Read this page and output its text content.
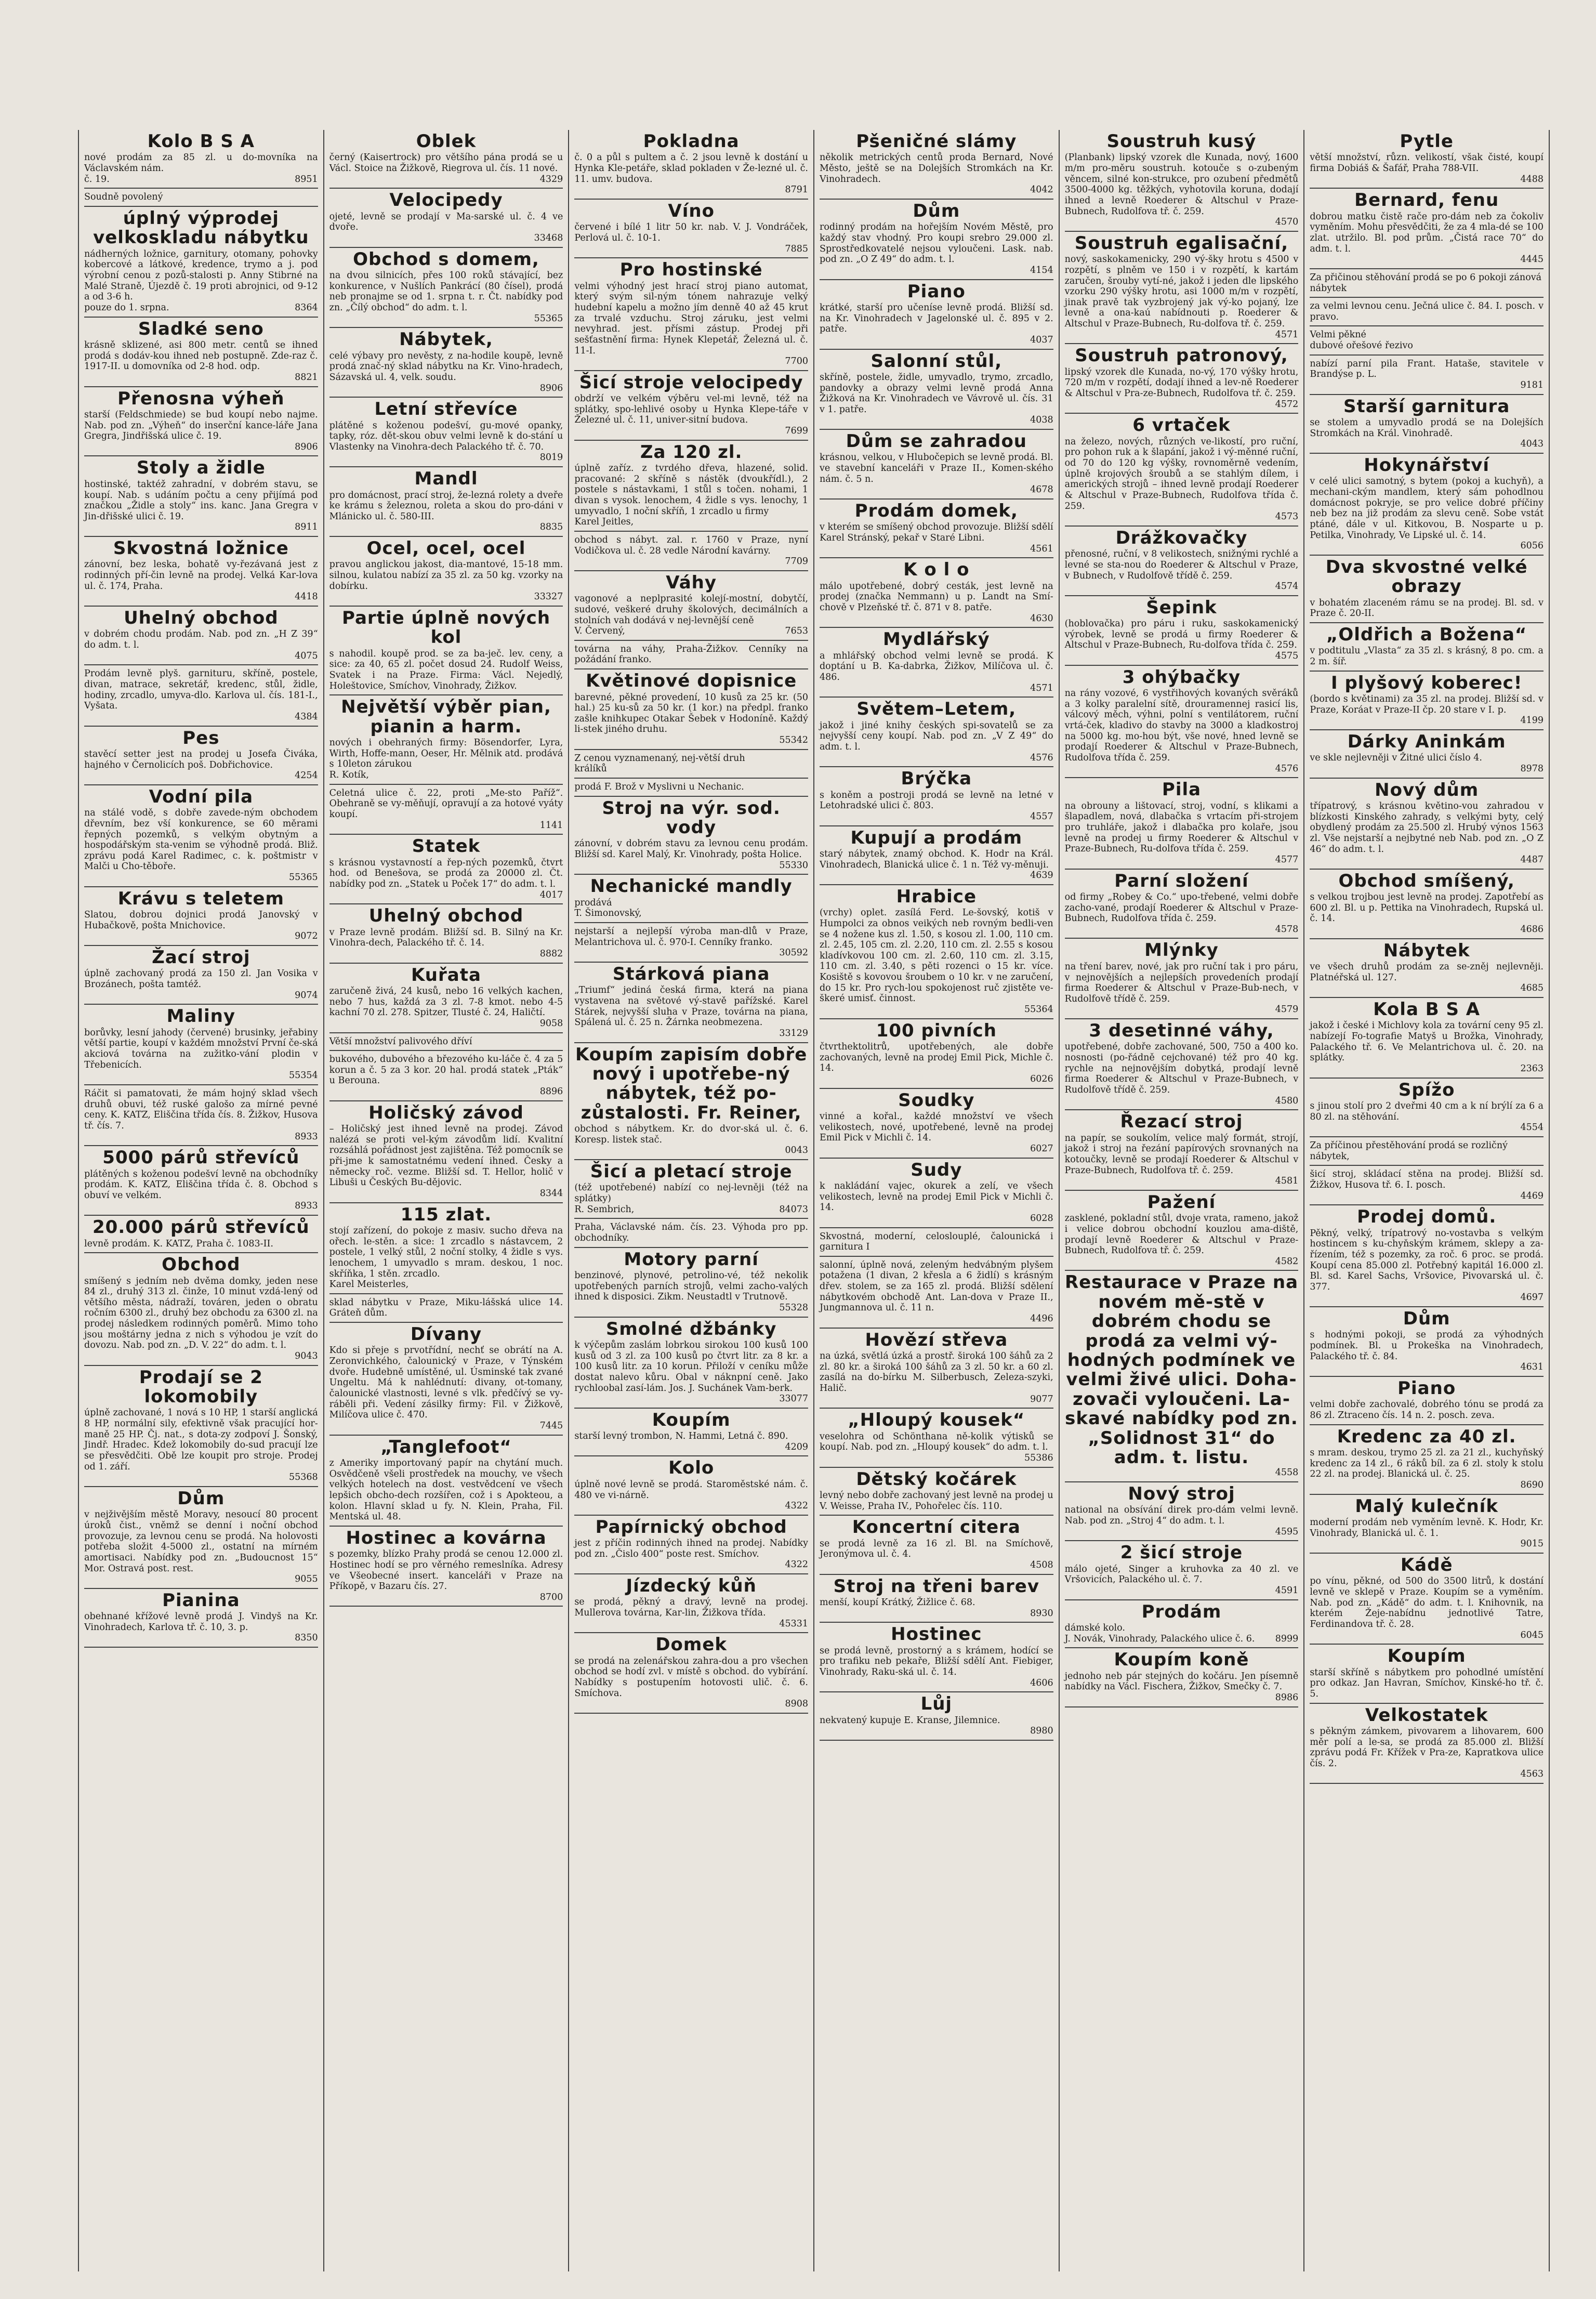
Kolo B S A
nové prodám za 85 zl. u do-movníka na Václavském nám.
č. 19.	8951
Soudně povolený
úplný výprodej velkoskladu nábytku
nádherných ložnice, garnitury, otomany, pohovky kobercové a látkové, kredence, trymo a j. pod výrobní cenou z pozů-stalosti p. Anny Stibrné na Malé Straně, Újezdě č. 19 proti abrojnici, od 9-12 a od 3-6 h.
pouze do 1. srpna.	8364
Sladké seno
krásně sklizené, asi 800 metr. centů se ihned prodá s dodáv-kou ihned neb postupně. Zde-raz č. 1917-II. u domovníka od 2-8 hod. odp.
8821
Přenosna výheň
starší (Feldschmiede) se bud koupí nebo najme. Nab. pod zn. „Výheň“ do inserční kance-láře Jana Gregra, Jindřišská ulice č. 19.
8906
Stoly a židle
hostinské, taktéž zahradní, v dobrém stavu, se koupí. Nab. s udáním počtu a ceny přijímá pod značkou „Židle a stoly“ ins. kanc. Jana Gregra v Jin-dřišské ulici č. 19.
8911
Skvostná ložnice
zánovní, bez leska, bohatě vy-řezávaná jest z rodinných pří-čin levně na prodej. Velká Kar-lova ul. č. 174, Praha.
4418
Uhelný obchod
v dobrém chodu prodám. Nab. pod zn. „H Z 39“ do adm. t. l.
4075
Prodám levně plyš. garnituru, skříně, postele, divan, matrace, sekretář, kredenc, stůl, židle, hodiny, zrcadlo, umyva-dlo. Karlova ul. čís. 181-I., Vyšata.
4384
Pes
stavěcí setter jest na prodej u Josefa Čiváka, hajného v Černolicích poš. Dobřichovice.
4254
Vodní pila
na stálé vodě, s dobře zavede-ným obchodem dřevním, bez vší konkurence, se 60 měrami řepných pozemků, s velkým obytným a hospodářským sta-venim se výhodně prodá. Bliž. zprávu podá Karel Radimec, c. k. poštmistr v Malči u Cho-těboře.
55365
Krávu s teletem
Slatou, dobrou dojnici prodá Janovský v Hubačkově, pošta Mnichovice.
9072
Žací stroj
úplně zachovaný prodá za 150 zl. Jan Vosika v Brozánech, pošta tamtéž.
9074
Maliny
borůvky, lesní jahody (červené) brusinky, jeřabiny větší partie, koupí v každém množství První če-ská akciová továrna na zužitko-vání plodin v Třebenicích.
55354
Ráčit si pamatovati, že mám hojný sklad všech druhů obuvi, též ruské galošo za mírné pevné ceny. K. KATZ, Eliščina třída čís. 8. Žižkov, Husova tř. čís. 7.
8933
5000 párů střevíců
plátěných s koženou podešví levně na obchodníky prodám. K. KATZ, Eliščina třída č. 8. Obchod s obuví ve velkém.
8933
20.000 párů střevíců
levně prodám. K. KATZ, Praha č. 1083-II.
Obchod
smíšený s jedním neb dvěma domky, jeden nese 84 zl., druhý 313 zl. činže, 10 minut vzdá-lený od většího města, nádraží, továren, jeden o obratu ročním 6300 zl., druhý bez obchodu za 6300 zl. na prodej následkem rodinných poměrů. Mimo toho jsou moštárny jedna z nich s výhodou je vzít do dovozu. Nab. pod zn. „D. V. 22“ do adm. t. l.
9043
Prodají se 2 lokomobily
úplně zachované, 1 nová s 10 HP, 1 starší anglická 8 HP, normální sily, efektivně však pracující hor-maně 25 HP. Čj. nat., s dota-zy zodpoví J. Šonský, Jindř. Hradec. Kdež lokomobily do-sud pracují lze se přesvědčiti. Obě lze koupit pro stroje. Prodej od 1. září.
55368
Dům
v nejživějším městě Moravy, nesoucí 80 procent úroků čist., vněmž se denní i noční obchod provozuje, za levnou cenu se prodá. Na holovosti potřeba složit 4-5000 zl., ostatní na mírném amortisaci. Nabídky pod zn. „Budoucnost 15“ Mor. Ostravá post. rest.
9055
Pianina
obehnané křížové levně prodá J. Vindyš na Kr. Vinohradech, Karlova tř. č. 10, 3. p.
8350
Oblek
černý (Kaisertrock) pro většího pána prodá se u Václ. Stoice na Žižkově, Riegrova ul. čís. 11 nové.
4329
Velocipedy
ojeté, levně se prodají v Ma-sarské ul. č. 4 ve dvoře.
33468
Obchod s domem,
na dvou silnicích, přes 100 roků stávající, bez konkurence, v Nušlích Pankrácí (80 čísel), prodá neb pronajme se od 1. srpna t. r. Čt. nabídky pod zn. „Čílý obchod“ do adm. t. l.
55365
Nábytek,
celé výbavy pro nevěsty, z na-hodile koupě, levně prodá znač-ný sklad nábytku na Kr. Vino-hradech, Sázavská ul. 4, velk. soudu.
8906
Letní střevíce
plátěné s koženou podešví, gu-mové opanky, tapky, róz. dět-skou obuv velmi levně k do-stání u Vlastenky na Vinohra-dech Palackého tř. č. 70.
8019
Mandl
pro domácnost, prací stroj, že-lezná rolety a dveře ke krámu s železnou, roleta a skou do pro-dáni v Mlánicko ul. č. 580-III.
8835
Ocel, ocel, ocel
pravou anglickou jakost, dia-mantové, 15-18 mm. silnou, kulatou nabízí za 35 zl. za 50 kg. vzorky na dobírku.
33327
Partie úplně nových kol
s nahodil. koupě prod. se za ba-ječ. lev. ceny, a sice: za 40, 65 zl. počet dosud 24. Rudolf Weiss, Svatek i na Praze. Firma: Václ. Nejedlý, Holeštovice, Smíchov, Vinohrady, Žižkov.
Největší výběr pian, pianin a harm.
nových i obehraných firmy: Bösendorfer, Lyra, Wirth, Hoffe-mann, Oeser, Hr. Mělnik atd. prodává s 10leton zárukou
R. Kotík,
Celetná ulice č. 22, proti „Me-sto Paříž“. Obehraně se vy-měňují, opravují a za hotové vyáty koupí.
1141
Statek
s krásnou vystavností a řep-ných pozemků, čtvrt hod. od Benešova, se prodá za 20000 zl. Čt. nabídky pod zn. „Statek u Poček 17“ do adm. t. l.
4017
Uhelný obchod
v Praze levně prodám. Bližší sd. B. Silný na Kr. Vinohra-dech, Palackého tř. č. 14.
8882
Kuřata
zaručeně živá, 24 kusů, nebo 16 velkých kachen, nebo 7 hus, každá za 3 zl. 7-8 kmot. nebo 4-5 kachní 70 zl. 278. Spitzer, Tlusté č. 24, Haličtí.
9058
Větší množství palivového dříví
bukového, dubového a březového ku-láče č. 4 za 5 korun a č. 5 za 3 kor. 20 hal. prodá statek „Pták“ u Berouna.
8896
Holičský závod
– Holičský jest ihned levně na prodej. Závod nalézá se proti vel-kým závodům lidí. Kvalitní rozsáhlá pořádnost jest zajištěna. Též pomocník se při-jme k samostatnému vedení ihned. Česky a německy roč. vezme. Bližší sd. T. Hellor, holič v Libuši u Českých Bu-dějovic.
8344
115 zlat.
stojí zařízení, do pokoje z masiv. sucho dřeva na ořech. le-stěn. a sice: 1 zrcadlo s nástavcem, 2 postele, 1 velký stůl, 2 noční stolky, 4 židle s vys. lenochem, 1 umyvadlo s mram. deskou, 1 noc. skříňka, 1 stěn. zrcadlo.
Karel Meisterles,
sklad nábytku v Praze, Miku-lášská ulice 14. Gráteň dům.
Dívany
Kdo si přeje s prvotřídní, nechť se obrátí na A. Zeronvichkého, čalounický v Praze, v Týnském dvoře. Hudebně umístěné, ul. Úsminské tak zvané Ungeltu. Má k nahlédnutí: divany, ot-tomany, čalounické vlastnosti, levné s vlk. předčívý se vy-ráběli při. Vedení zásilky firmy: Fil. v Žižkově, Milíčova ulice č. 470.
7445
„Tanglefoot“
z Ameriky importovaný papír na chytání much. Osvědčeně všeli prostředek na mouchy, ve všech velkých hotelech na dost. vestvědcení ve všech lepšich obcho-dech rozšířen, což i s Apokteou, a kolon. Hlavní sklad u fy. N. Klein, Praha, Fil. Mentská ul. 48.
Hostinec a kovárna
s pozemky, blízko Prahy prodá se cenou 12.000 zl. Hostinec hodí se pro věrného remeslníka. Adresy ve Všeobecné insert. kanceláři v Praze na Příkopě, v Bazaru čís. 27.
8700
Pokladna
č. 0 a půl s pultem a č. 2 jsou levně k dostání u Hynka Kle-petáře, sklad pokladen v Že-lezné ul. č. 11. umv. budova.
8791
Víno
červené i bílé 1 litr 50 kr. nab. V. J. Vondráček, Perlová ul. č. 10-1.
7885
Pro hostinské
velmi výhodný jest hrací stroj piano automat, který svým sil-ným tónem nahrazuje velký hudební kapelu a možno jím denně 40 až 45 krut za trvalé vzduchu. Stroj záruku, jest velmi nevyhrad. jest. přísmi zástup. Prodej při sešťastnění firma: Hynek Klepetář, Železná ul. č. 11-I.
7700
Šicí stroje velocipedy
obdrží ve velkém výběru vel-mi levně, též na splátky, spo-lehlivé osoby u Hynka Klepe-táře v Železné ul. č. 11, univer-sitní budova.
7699
Za 120 zl.
úplně zaříz. z tvrdého dřeva, hlazené, solid. pracované: 2 skříně s nástěk (dvoukřídl.), 2 postele s nástavkami, 1 stůl s točen. nohami, 1 divan s vysok. lenochem, 4 židle s vys. lenochy, 1 umyvadlo, 1 noční skříň, 1 zrcadlo u firmy
Karel Jeitles,
obchod s nábyt. zal. r. 1760 v Praze, nyní Vodičkova ul. č. 28 vedle Národní kavárny.
7709
Váhy
vagonové a neplprasité kolejí-mostní, dobytčí, sudové, veškeré druhy školových, decimálních a stolních vah dodává v nej-levnější ceně
V. Červený,	7653
továrna na váhy, Praha-Žižkov. Cenníky na požádání franko.
Květinové dopisnice
barevné, pěkné provedení, 10 kusů za 25 kr. (50 hal.) 25 ku-sů za 50 kr. (1 kor.) na předpl. franko zašle knihkupec Otakar Šebek v Hodoníně. Každý li-stek jiného druhu.
55342
Z cenou vyznamenaný, nej-větší druh
králíků
prodá F. Brož v Myslivni u Nechanic.
Stroj na výr. sod. vody
zánovní, v dobrém stavu za levnou cenu prodám. Bližší sd. Karel Malý, Kr. Vinohrady, pošta Holice.
55330
Nechanické mandly
prodává
T. Šimonovský,
nejstarší a nejlepší výroba man-dlů v Praze, Melantrichova ul. č. 970-I. Cenníky franko.
30592
Stárková piana
„Triumf“ jediná česká firma, která na piana vystavena na světové vý-stavě pařížské. Karel Stárek, nejvyšší sluha v Praze, továrna na piana, Spálená ul. č. 25 n. Žárnka neobmezena.
33129
Koupím zapisím dobře nový i upotřebe-ný nábytek, též po-zůstalosti. Fr. Reiner,
obchod s nábytkem. Kr. do dvor-ská ul. č. 6. Koresp. listek stač.
0043
Šicí a pletací stroje
(též upotřebené) nabízí co nej-levněji (též na splátky)
R. Sembrich,	84073
Praha, Václavské nám. čís. 23. Výhoda pro pp. obchodníky.
Motory parní
benzinové, plynové, petrolino-vé, též nekolik upotřebených parních strojů, velmi zacho-valých ihned k disposici. Zikm. Neustadtl v Trutnově.
55328
Smolné džbánky
k výčepům zaslám lobrkou sirokou 100 kusů 100 kusů od 3 zl. za 100 kusů po čtvrt litr. za 8 kr. a 100 kusů litr. za 10 korun. Přiloží v ceníku může dostat nalevo kůru. Obal v náknpní ceně. Jako rychloobal zasí-lám. Jos. J. Suchánek Vam-berk.
33077
Koupím
starší levný trombon, N. Hammi, Letná č. 890.
4209
Kolo
úplně nové levně se prodá. Staroměstské nám. č. 480 ve vi-nárně.
4322
Papírnický obchod
jest z příčin rodinných ihned na prodej. Nabídky pod zn. „Čislo 400“ poste rest. Smíchov.
4322
Jízdecký kůň
se prodá, pěkný a dravý, levně na prodej. Mullerova továrna, Kar-lin, Žižkova třída.
45331
Domek
se prodá na zelenářskou zahra-dou a pro všechen obchod se hodí zvl. v místě s obchod. do vybírání. Nabídky s postupením hotovosti ulič. č. 6. Smíchova.
8908
Pšeničné slámy
několik metrických centů proda Bernard, Nové Město, ještě se na Dolejších Stromkách na Kr. Vinohradech.
4042
Dům
rodinný prodám na hořejším Novém Městě, pro každý stav vhodný. Pro koupi srebro 29.000 zl. Sprostředkovatelé nejsou vyloučeni. Lask. nab. pod zn. „O Z 49“ do adm. t. l.
4154
Piano
krátké, starší pro učeníse levně prodá. Bližší sd. na Kr. Vinohradech v Jagelonské ul. č. 895 v 2. patře.
4037
Salonní stůl,
skříně, postele, židle, umyvadlo, trymo, zrcadlo, pandovky a obrazy velmi levně prodá Anna Žižková na Kr. Vinohradech ve Vávrově ul. čís. 31 v 1. patře.
4038
Dům se zahradou
krásnou, velkou, v Hlubočepich se levně prodá. Bl. ve stavební kanceláři v Praze II., Komen-ského nám. č. 5 n.
4678
Prodám domek,
v kterém se smíšený obchod provozuje. Bližší sdělí Karel Stránský, pekař v Staré Libni.
4561
K o l o
málo upotřebené, dobrý cesták, jest levně na prodej (značka Nemmann) u p. Landt na Smí-chově v Plzeňské tř. č. 871 v 8. patře.
4630
Mydlářský
a mhlářský obchod velmi levně se prodá. K doptání u B. Ka-dabrka, Žižkov, Milíčova ul. č. 486.
4571
Světem–Letem,
jakož i jiné knihy českých spi-sovatelů se za nejvyšší ceny koupí. Nab. pod zn. „V Z 49“ do adm. t. l.
4576
Brýčka
s koněm a postroji prodá se levně na letné v Letohradské ulici č. 803.
4557
Kupují a prodám
starý nábytek, znamý obchod. K. Hodr na Král. Vinohradech, Blanická ulice č. 1 n. Též vy-měnuji.
4639
Hrabice
(vrchy) oplet. zasílá Ferd. Le-šovský, kotiš v Humpolci za obnos veikých neb rovným bedli-ven se 4 nožene kus zl. 1.50, s kosou zl. 1.00, 110 cm. zl. 2.45, 105 cm. zl. 2.20, 110 cm. zl. 2.55 s kosou kladívkovou 100 cm. zl. 2.60, 110 cm. zl. 3.15, 110 cm. zl. 3.40, s pěti rozenci o 15 kr. více. Kosiště s kovovou šroubem o 10 kr. v ne zaručení, do 15 kr. Pro rych-lou spokojenost ruč zjistěte ve-škeré umisť. činnost.
55364
100 pivních
čtvrthektolitrů, upotřebených, ale dobře zachovaných, levně na prodej Emil Pick, Michle č. 14.
6026
Soudky
vinné a kořal., každé množství ve všech velikostech, nové, upotřebené, levně na prodej Emil Pick v Michli č. 14.
6027
Sudy
k nakládání vajec, okurek a zelí, ve všech velikostech, levně na prodej Emil Pick v Michli č. 14.
6028
Skvostná, moderní, celoslouplé, čalounická i garnitura I
salonní, úplně nová, zeleným hedvábným plyšem potažena (1 divan, 2 křesla a 6 židlí) s krásným dřev. stolem, se za 165 zl. prodá. Bližší sdělení nábytkovém obchodě Ant. Lan-dova v Praze II., Jungmannova ul. č. 11 n.
4496
Hovězí střeva
na úzká, světlá úzká a prostř. široká 100 šáhů za 2 zl. 80 kr. a široká 100 šáhů za 3 zl. 50 kr. a 60 zl. zasílá na do-bírku M. Silberbusch, Zeleza-szyki, Halič.
9077
„Hloupý kousek“
veselohra od Schönthana ně-kolik výtisků se koupí. Nab. pod zn. „Hloupý kousek“ do adm. t. l.
55386
Dětský kočárek
levný nebo dobře zachovaný jest levně na prodej u V. Weisse, Praha IV., Pohořelec čís. 110.
Koncertní citera
se prodá levně za 16 zl. Bl. na Smíchově, Jeronýmova ul. č. 4.
4508
Stroj na třeni barev
menší, koupí Krátký, Žižlice č. 68.
8930
Hostinec
se prodá levně, prostorný a s krámem, hodící se pro trafiku neb pekaře, Bližší sdělí Ant. Fiebiger, Vinohrady, Raku-ská ul. č. 14.
4606
Lůj
nekvatený kupuje E. Kranse, Jilemnice.
8980
Soustruh kusý
(Planbank) lipský vzorek dle Kunada, nový, 1600 m/m pro-měru soustruh. kotouče s o-zubeným věncem, silné kon-strukce, pro ozubení předmětů 3500-4000 kg. těžkých, vyhotovila koruna, dodají ihned a levně Roederer & Altschul v Praze-Bubnech, Rudolfova tř. č. 259.
4570
Soustruh egalisační,
nový, saskokamenicky, 290 vý-šky hrotu s 4500 v rozpětí, s plněm ve 150 i v rozpětí, k kartám zaručen, šrouby vytí-né, jakož i jeden dle lipského vzorku 290 výšky hrotu, asi 1000 m/m v rozpětí, jinak pravě tak vyzbrojený jak vý-ko pojaný, lze levně a ona-kaú nabídnouti p. Roederer & Altschul v Praze-Bubnech, Ru-dolfova tř. č. 259.
4571
Soustruh patronový,
lipský vzorek dle Kunada, no-vý, 170 výšky hrotu, 720 m/m v rozpětí, dodají ihned a lev-ně Roederer & Altschul v Pra-ze-Bubnech, Rudolfova tř. č. 259.
4572
6 vrtaček
na železo, nových, různých ve-likostí, pro ruční, pro pohon ruk a k šlapání, jakož i vý-měnné ruční, od 70 do 120 kg výšky, rovnoměrně vedením, úplně krojových šroubů a se stahlým dílem, i amerických strojů – ihned levně prodají Roederer & Altschul v Praze-Bubnech, Rudolfova třída č. 259.
4573
Drážkovačky
přenosné, ruční, v 8 velikostech, snižnými rychlé a levné se sta-nou do Roederer & Altschul v Praze, v Bubnech, v Rudolfově třídě č. 259.
4574
Šepink
(hoblovačka) pro páru i ruku, saskokamenický výrobek, levně se prodá u firmy Roederer & Altschul v Praze-Bubnech, Ru-dolfova třída č. 259.
4575
3 ohýbačky
na rány vozové, 6 vystřihových kovaných svěráků a 3 kolky paralelní sítě, drouramennej rasicí lis, válcový měch, výhni, polní s ventilátorem, ruční vrtá-ček, kladivo do stavby na 3000 a kladkostroj na 5000 kg. mo-hou být, vše nové, hned levně se prodají Roederer & Altschul v Praze-Bubnech, Rudolfova třída č. 259.
4576
Pila
na obrouny a lištovací, stroj, vodní, s klikami a šlapadlem, nová, dlabačka s vrtacím při-strojem pro truhláře, jakož i dlabačka pro kolaře, jsou levně na prodej u firmy Roederer & Altschul v Praze-Bubnech, Ru-dolfova třída č. 259.
4577
Parní složení
od firmy „Robey & Co.“ upo-třebené, velmi dobře zacho-vané, prodají Roederer & Altschul v Praze-Bubnech, Rudolfova třída č. 259.
4578
Mlýnky
na tření barev, nové, jak pro ruční tak i pro páru, v nejnovějších a nejlepších provedeních prodají firma Roederer & Altschul v Praze-Bub-nech, v Rudolfově třídě č. 259.
4579
3 desetinné váhy,
upotřebené, dobře zachované, 500, 750 a 400 ko. nosnosti (po-řádně cejchované) též pro 40 kg. rychle na nejnovějším dobytká, prodají levně firma Roederer & Altschul v Praze-Bubnech, v Rudolfově třídě č. 259.
4580
Řezací stroj
na papír, se soukolím, velice malý formát, strojí, jakož i stroj na řezání papírových srovnaných na kotoučky, levně se prodají Roederer & Altschul v Praze-Bubnech, Rudolfova tř. č. 259.
4581
Pažení
zasklené, pokladní stůl, dvoje vrata, rameno, jakož i velice dobrou obchodní kouzlou ama-diště, prodají levně Roederer & Altschul v Praze-Bubnech, Rudolfova tř. č. 259.
4582
Restaurace v Praze na novém mě-stě v dobrém chodu se prodá za velmi vý-hodných podmínek ve velmi živé ulici. Doha-zovači vyloučeni. La-skavé nabídky pod zn. „Solidnost 31“ do adm. t. listu.
4558
Nový stroj
national na obsívání direk pro-dám velmi levně. Nab. pod zn. „Stroj 4“ do adm. t. l.
4595
2 šicí stroje
málo ojeté, Singer a kruhovka za 40 zl. ve Vršovicích, Palackého ul. č. 7.
4591
Prodám
dámské kolo.
J. Novák, Vinohrady, Palackého ulice č. 6.	8999
Koupím koně
jednoho neb pár stejných do kočáru. Jen písemně nabídky na Václ. Fischera, Žižkov, Smečky č. 7.
8986
Pytle
větší množství, různ. velikostí, však čisté, koupí firma Dobiáš & Šafář, Praha 788-VII.
4488
Bernard, fenu
dobrou matku čistě rače pro-dám neb za čokoliv vyměním. Mohu přesvědčiti, že za 4 mla-dé se 100 zlat. utržilo. Bl. pod prům. „Čistá race 70“ do adm. t. l.
4445
Za přičinou stěhování prodá se po 6 pokoji zánová
nábytek
za velmi levnou cenu. Ječná ulice č. 84. I. posch. v pravo.
Velmi pěkné
dubové ořešové řezivo
nabízí parní pila Frant. Hataše, stavitele v Brandýse p. L.
9181
Starší garnitura
se stolem a umyvadlo prodá se na Dolejších Stromkách na Král. Vinohradě.
4043
Hokynářství
v celé ulici samotný, s bytem (pokoj a kuchyň), a mechani-ckým mandlem, který sám pohodlnou domácnost pokryje, se pro velice dobré příčiny neb bez na již prodám za slevu ceně. Sobe vstát ptáné, dále v ul. Kitkovou, B. Nosparte u p. Petilka, Vinohrady, Ve Lipské ul. č. 14.
6056
Dva skvostné velké obrazy
v bohatém zlaceném rámu se na prodej. Bl. sd. v Praze č. 20-II.
„Oldřich a Božena“
v podtitulu „Vlasta“ za 35 zl. s krásný, 8 po. cm. a 2 m. šíř.
I plyšový koberec!
(bordo s květinami) za 35 zl. na prodej. Bližší sd. v Praze, Koráat v Praze-II čp. 20 stare v I. p.
4199
Dárky Aninkám
ve skle nejlevněji v Žitné ulici číslo 4.
8978
Nový dům
třípatrový, s krásnou květino-vou zahradou v blízkosti Kinského zahrady, s velkými byty, celý obydlený prodám za 25.500 zl. Hrubý výnos 1563 zl. Vše nejstarší a nejbytné neb Nab. pod zn. „O Z 46“ do adm. t. l.
4487
Obchod smíšený,
s velkou trojbou jest levně na prodej. Zapotřebí as 600 zl. Bl. u p. Pettika na Vinohradech, Rupská ul. č. 14.
4686
Nábytek
ve všech druhů prodám za se-zněj nejlevněji. Platnéřská ul. 127.
4685
Kola B S A
jakož i české i Michlovy kola za tovární ceny 95 zl. nabízejí Fo-tografie Matyš u Brožka, Vinohrady, Palackého tř. 6. Ve Melantrichova ul. č. 20. na splátky.
2363
Spížo
s jinou stolí pro 2 dveřmi 40 cm a k ní brýlí za 6 a 80 zl. na stěhování.
4554
Za příčinou přestěhování prodá se rozličný
nábytek,
šicí stroj, skládací stěna na prodej. Bližší sd. Žižkov, Husova tř. 6. I. posch.
4469
Prodej domů.
Pěkný, velký, trípatrový no-vostavba s velkým hostincem s ku-chyňským krámem, sklepy a za-řízením, též s pozemky, za roč. 6 proc. se prodá. Koupí cena 85.000 zl. Potřebný kapitál 16.000 zl. Bl. sd. Karel Sachs, Vršovice, Pivovarská ul. č. 377.
4697
Dům
s hodnými pokoji, se prodá za výhodných podmínek. Bl. u Prokeška na Vinohradech, Palackého tř. č. 84.
4631
Piano
velmi dobře zachovalé, dobrého tónu se prodá za 86 zl. Ztraceno čís. 14 n. 2. posch. zeva.
Kredenc za 40 zl.
s mram. deskou, trymo 25 zl. za 21 zl., kuchyňský kredenc za 14 zl., 6 ráků bíl. za 6 zl. stoly k stolu 22 zl. na prodej. Blanická ul. č. 25.
8690
Malý kulečník
moderní prodám neb vyměním levně. K. Hodr, Kr. Vinohrady, Blanická ul. č. 1.
9015
Kádě
po vínu, pěkné, od 500 do 3500 litrů, k dostání levně ve sklepě v Praze. Koupím se a vyměním. Nab. pod zn. „Kádě“ do adm. t. l. Knihovnik, na kterém Žeje-nabídnu jednotlivé Tatre, Ferdinandova tř. č. 28.
6045
Koupím
starší skříně s nábytkem pro pohodlné umístění pro odkaz. Jan Havran, Smíchov, Kinské-ho tř. č. 5.
Velkostatek
s pěkným zámkem, pivovarem a lihovarem, 600 měr polí a le-sa, se prodá za 85.000 zl. Bližší zprávu podá Fr. Křížek v Pra-ze, Kapratkova ulice čís. 2.
4563
